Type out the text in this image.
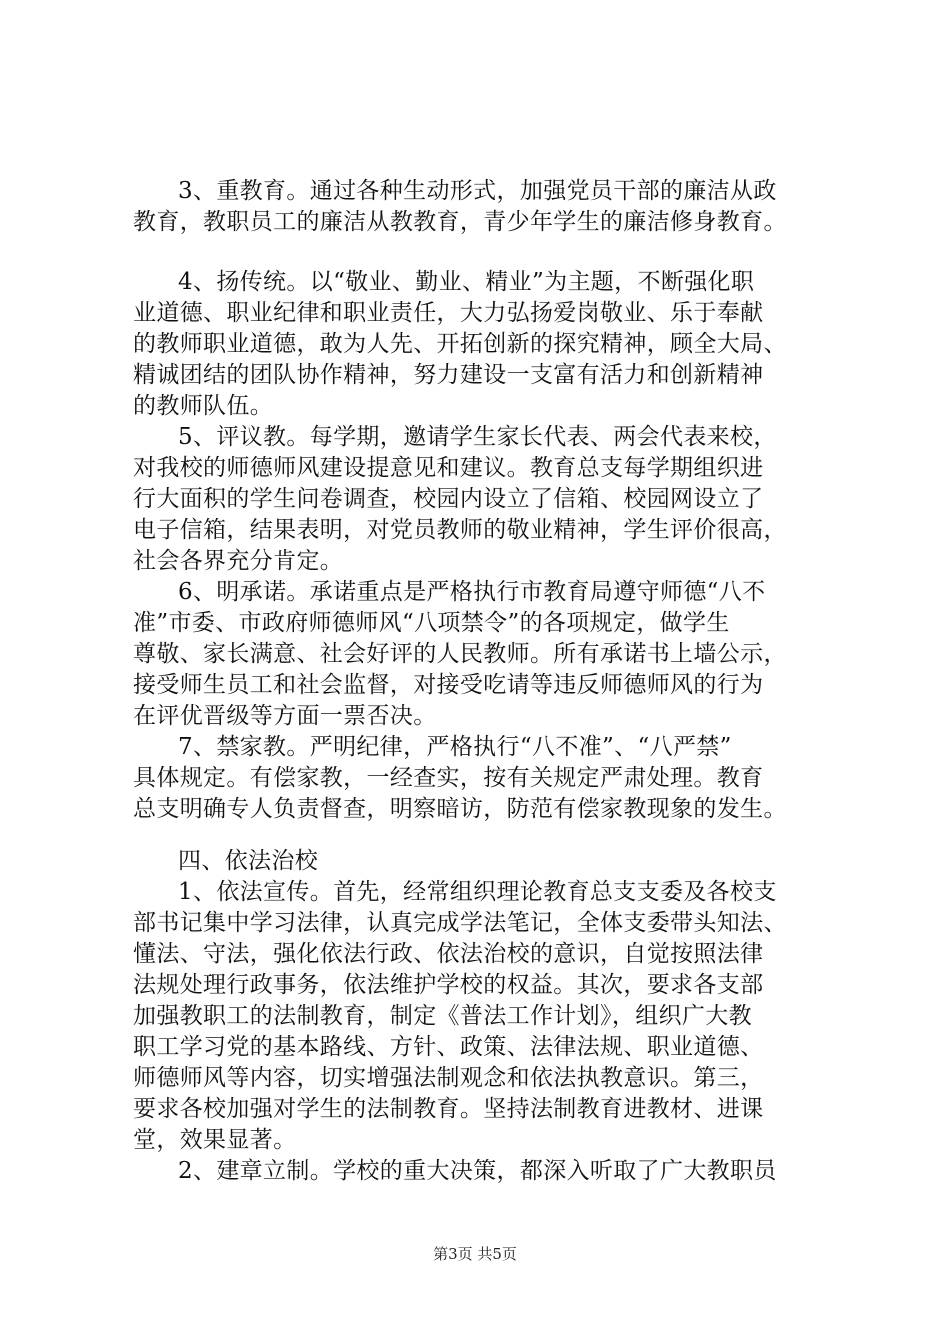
3、重教育。通过各种生动形式，加强党员干部的廉洁从政
教育，教职员工的廉洁从教教育，青少年学生的廉洁修身教育。
4、扬传统。以“敬业、勤业、精业”为主题，不断强化职
业道德、职业纪律和职业责任，大力弘扬爱岗敬业、乐于奉献
的教师职业道德，敢为人先、开拓创新的探究精神，顾全大局、
精诚团结的团队协作精神，努力建设一支富有活力和创新精神
的教师队伍。
5、评议教。每学期，邀请学生家长代表、两会代表来校，
对我校的师德师风建设提意见和建议。教育总支每学期组织进
行大面积的学生问卷调查，校园内设立了信箱、校园网设立了
电子信箱，结果表明，对党员教师的敬业精神，学生评价很高，
社会各界充分肯定。
6、明承诺。承诺重点是严格执行市教育局遵守师德“八不
准”市委、市政府师德师风“八项禁令”的各项规定，做学生
尊敬、家长满意、社会好评的人民教师。所有承诺书上墙公示，
接受师生员工和社会监督，对接受吃请等违反师德师风的行为
在评优晋级等方面一票否决。
7、禁家教。严明纪律，严格执行“八不准”、“八严禁”
具体规定。有偿家教，一经查实，按有关规定严肃处理。教育
总支明确专人负责督查，明察暗访，防范有偿家教现象的发生。
四、依法治校
1、依法宣传。首先，经常组织理论教育总支支委及各校支
部书记集中学习法律，认真完成学法笔记，全体支委带头知法、
懂法、守法，强化依法行政、依法治校的意识，自觉按照法律
法规处理行政事务，依法维护学校的权益。其次，要求各支部
加强教职工的法制教育，制定《普法工作计划》，组织广大教
职工学习党的基本路线、方针、政策、法律法规、职业道德、
师德师风等内容，切实增强法制观念和依法执教意识。第三，
要求各校加强对学生的法制教育。坚持法制教育进教材、进课
堂，效果显著。
2、建章立制。学校的重大决策，都深入听取了广大教职员
第3页 共5页
